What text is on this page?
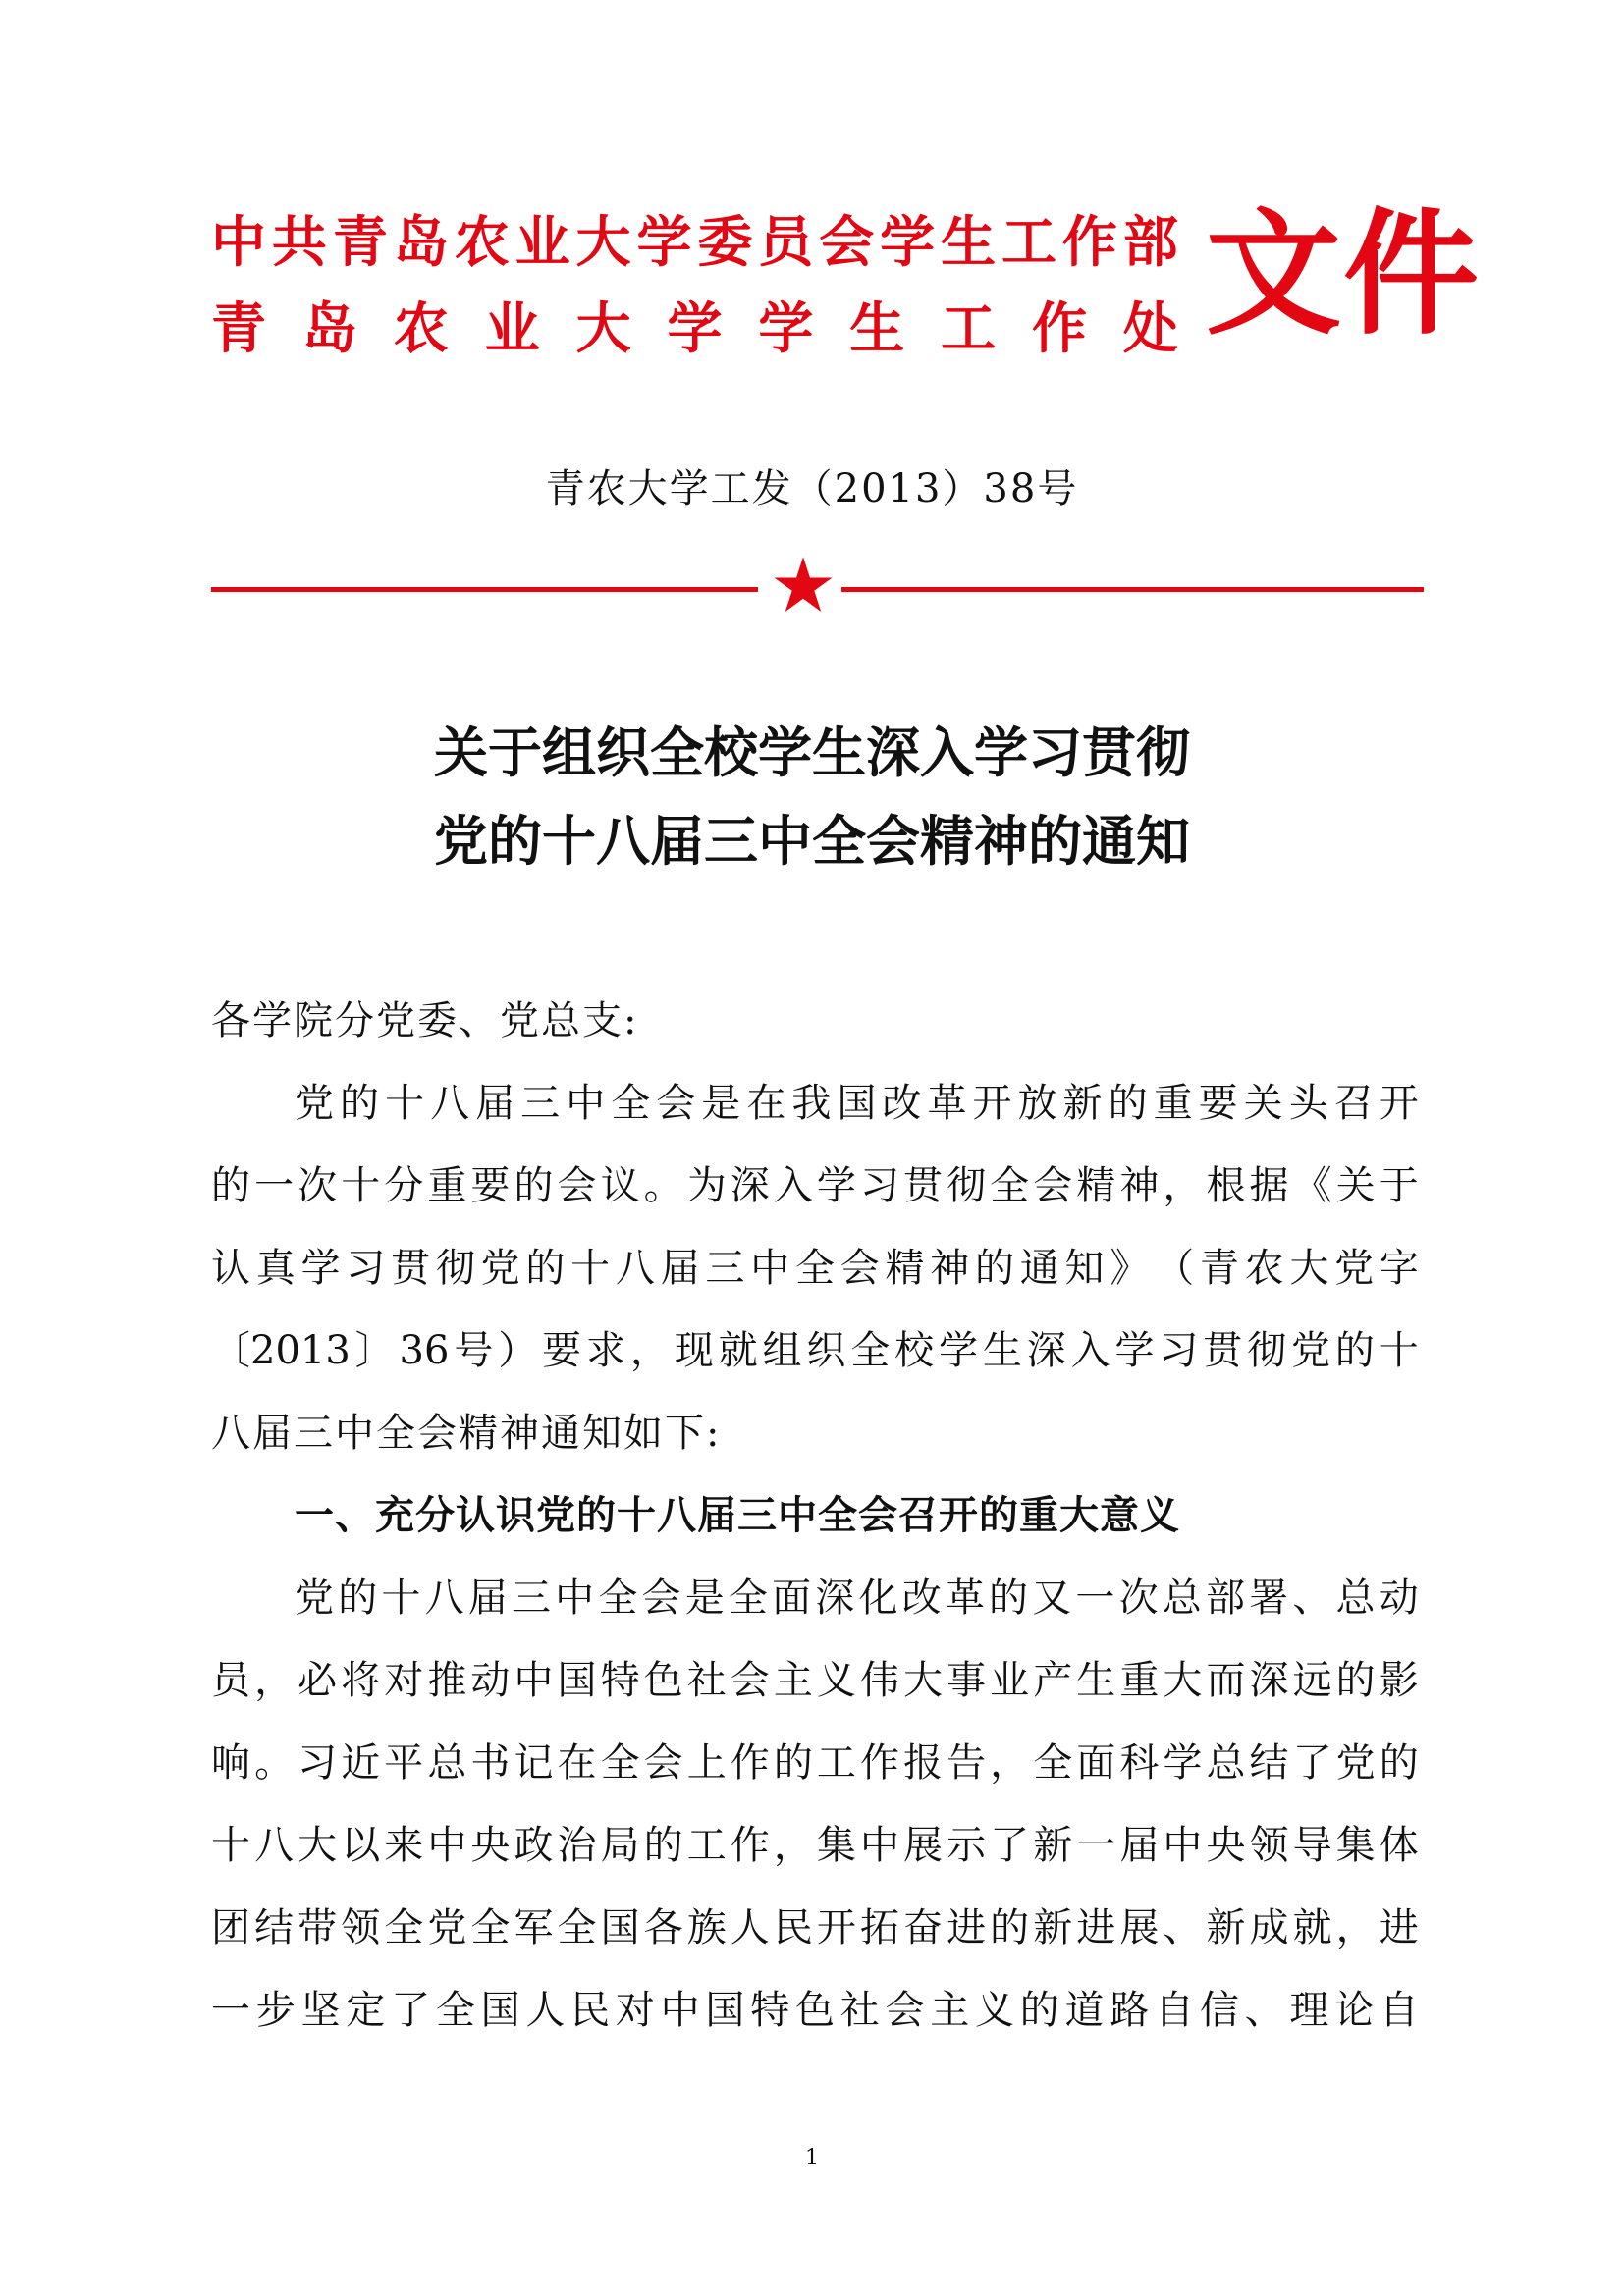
中 共 青 岛 农 业 大 学 委 员 会 学 生 工 作 部
青 岛 农 业 大 学 学 生 工 作 处 文件
青农大学工发（2013）38号
关于组织全校学生深入学习贯彻
党的十八届三中全会精神的通知
各学院分党委、党总支:
党 的 十 八 届 三 中 全 会 是 在 我 国 改 革 开 放 新 的 重 要 关 头 召 开
的 一 次 十 分 重 要 的 会 议 。 为 深 入 学 习 贯 彻 全 会 精 神 ， 根 据 《 关 于
认 真 学 习 贯 彻 党 的 十 八 届 三 中 全 会 精 神 的 通 知 》 （ 青 农 大 党 字
〔2013 〕 36 号 ） 要 求 ， 现 就 组 织 全 校 学 生 深 入 学 习 贯 彻 党 的 十
八届三中全会精神通知如下:
一、充分认识党的十八届三中全会召开的重大意义
党 的 十 八 届 三 中 全 会 是 全 面 深 化 改 革 的 又 一 次 总 部 署 、 总 动
员 ， 必 将 对 推 动 中 国 特 色 社 会 主 义 伟 大 事 业 产 生 重 大 而 深 远 的 影
响 。 习 近 平 总 书 记 在 全 会 上 作 的 工 作 报 告 ， 全 面 科 学 总 结 了 党 的
十 八 大 以 来 中 央 政 治 局 的 工 作 ， 集 中 展 示 了 新 一 届 中 央 领 导 集 体
团 结 带 领 全 党 全 军 全 国 各 族 人 民 开 拓 奋 进 的 新 进 展 、 新 成 就 ， 进
一 步 坚 定 了 全 国 人 民 对 中 国 特 色 社 会 主 义 的 道 路 自 信 、 理 论 自
1
